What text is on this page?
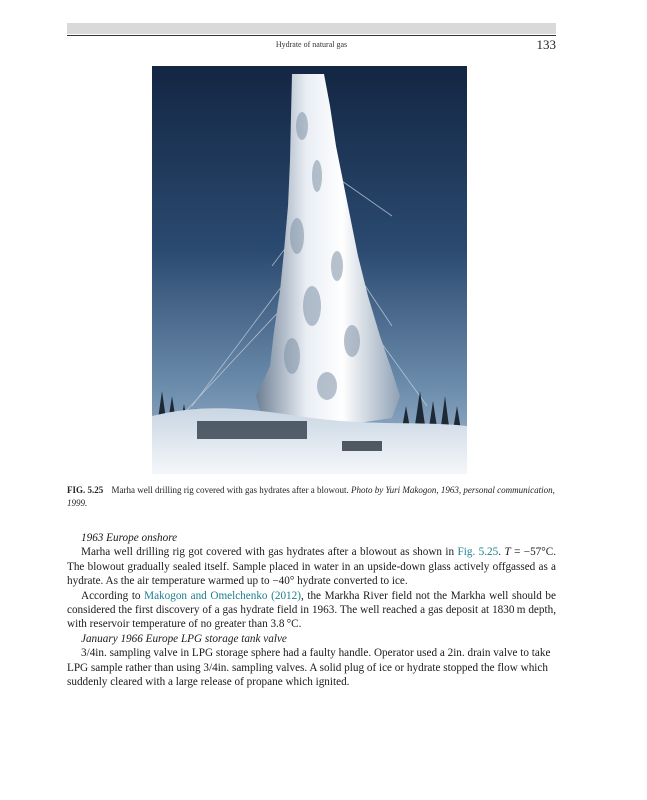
Hydrate of natural gas	133
FIG. 5.25 Marha well drilling rig covered with gas hydrates after a blowout. Photo by Yuri Makogon, 1963, personal communication, 1999.

1963 Europe onshore

Marha well drilling rig got covered with gas hydrates after a blowout as shown in Fig. 5.25. T = −57°C. The blowout gradually sealed itself. Sample placed in water in an upside-down glass actively offgassed as a hydrate. As the air temperature warmed up to −40° hydrate converted to ice.

According to Makogon and Omelchenko (2012), the Markha River field not the Markha well should be considered the first discovery of a gas hydrate field in 1963. The well reached a gas deposit at 1830 m depth, with reservoir temperature of no greater than 3.8 °C.

January 1966 Europe LPG storage tank valve

3/4in. sampling valve in LPG storage sphere had a faulty handle. Operator used a 2in. drain valve to take LPG sample rather than using 3/4in. sampling valves. A solid plug of ice or hydrate stopped the flow which suddenly cleared with a large release of propane which ignited.
